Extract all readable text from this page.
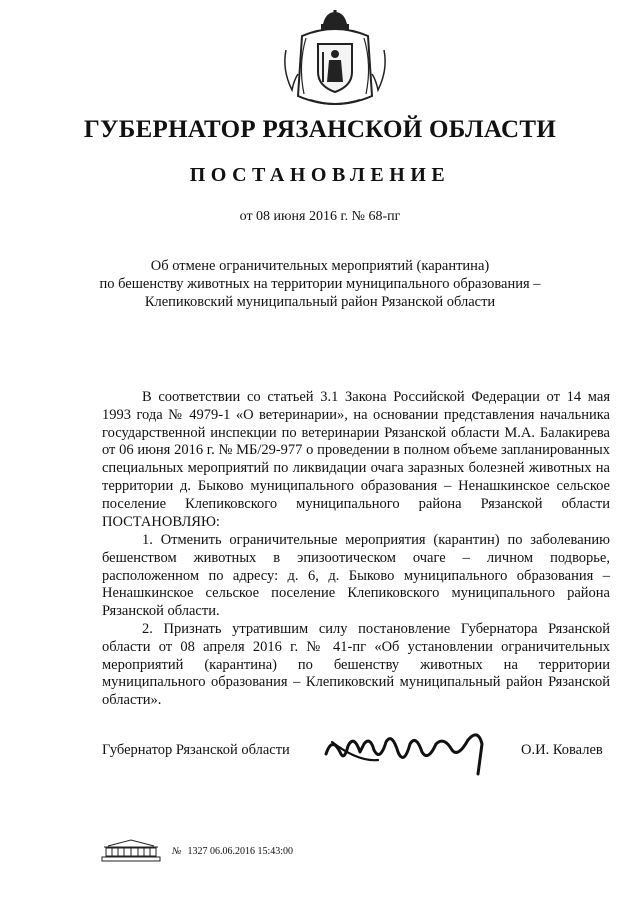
ГУБЕРНАТОР РЯЗАНСКОЙ ОБЛАСТИ
ПОСТАНОВЛЕНИЕ
от 08 июня 2016 г. № 68-пг
Об отмене ограничительных мероприятий (карантина)
по бешенству животных на территории муниципального образования –
Клепиковский муниципальный район Рязанской области

В соответствии со статьей 3.1 Закона Российской Федерации от 14 мая 1993 года № 4979-1 «О ветеринарии», на основании представления начальника государственной инспекции по ветеринарии Рязанской области М.А. Балакирева от 06 июня 2016 г. № МБ/29-977 о проведении в полном объеме запланированных специальных мероприятий по ликвидации очага заразных болезней животных на территории д. Быково муниципального образования – Ненашкинское сельское поселение Клепиковского муниципального района Рязанской области ПОСТАНОВЛЯЮ:

1. Отменить ограничительные мероприятия (карантин) по заболеванию бешенством животных в эпизоотическом очаге – личном подворье, расположенном по адресу: д. 6, д. Быково муниципального образования – Ненашкинское сельское поселение Клепиковского муниципального района Рязанской области.

2. Признать утратившим силу постановление Губернатора Рязанской области от 08 апреля 2016 г. № 41-пг «Об установлении ограничительных мероприятий (карантина) по бешенству животных на территории муниципального образования – Клепиковский муниципальный район Рязанской области».

Губернатор Рязанской области	О.И. Ковалев
№ 1327 06.06.2016 15:43:00
